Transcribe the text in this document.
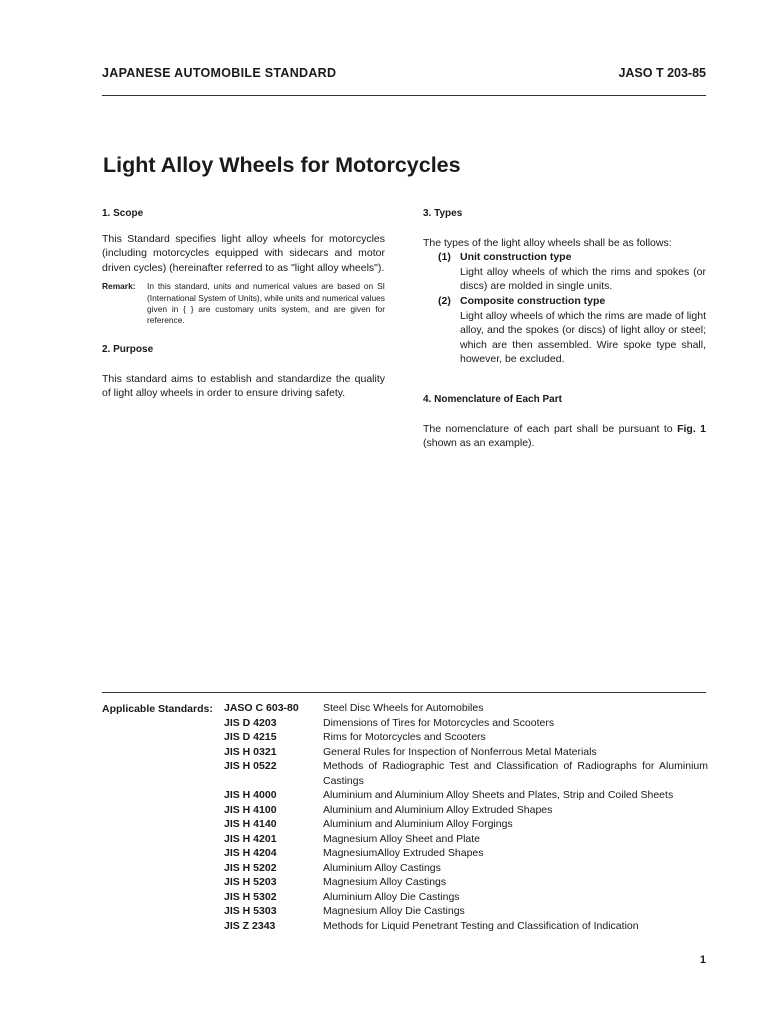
JAPANESE AUTOMOBILE STANDARD	JASO T 203-85
Light Alloy Wheels for Motorcycles
1. Scope

This Standard specifies light alloy wheels for motorcycles (including motorcycles equipped with sidecars and motor driven cycles) (hereinafter referred to as "light alloy wheels").

Remark:	In this standard, units and numerical values are based on SI (International System of Units), while units and numerical values given in { } are customary units system, and are given for reference.
2. Purpose

This standard aims to establish and standardize the quality of light alloy wheels in order to ensure driving safety.

3. Types

The types of the light alloy wheels shall be as follows:

(1) Unit construction type
Light alloy wheels of which the rims and spokes (or discs) are molded in single units.
(2) Composite construction type
Light alloy wheels of which the rims are made of light alloy, and the spokes (or discs) of light alloy or steel; which are then assembled. Wire spoke type shall, however, be excluded.
4. Nomenclature of Each Part

The nomenclature of each part shall be pursuant to Fig. 1 (shown as an example).

Applicable Standards: JASO C 603-80	Steel Disc Wheels for Automobiles
JIS D 4203	Dimensions of Tires for Motorcycles and Scooters
JIS D 4215	Rims for Motorcycles and Scooters
JIS H 0321	General Rules for Inspection of Nonferrous Metal Materials
JIS H 0522	Methods of Radiographic Test and Classification of Radiographs for Aluminium Castings
JIS H 4000	Aluminium and Aluminium Alloy Sheets and Plates, Strip and Coiled Sheets
JIS H 4100	Aluminium and Aluminium Alloy Extruded Shapes
JIS H 4140	Aluminium and Aluminium Alloy Forgings
JIS H 4201	Magnesium Alloy Sheet and Plate
JIS H 4204	MagnesiumAlloy Extruded Shapes
JIS H 5202	Aluminium Alloy Castings
JIS H 5203	Magnesium Alloy Castings
JIS H 5302	Aluminium Alloy Die Castings
JIS H 5303	Magnesium Alloy Die Castings
JIS Z 2343	Methods for Liquid Penetrant Testing and Classification of Indication
1
